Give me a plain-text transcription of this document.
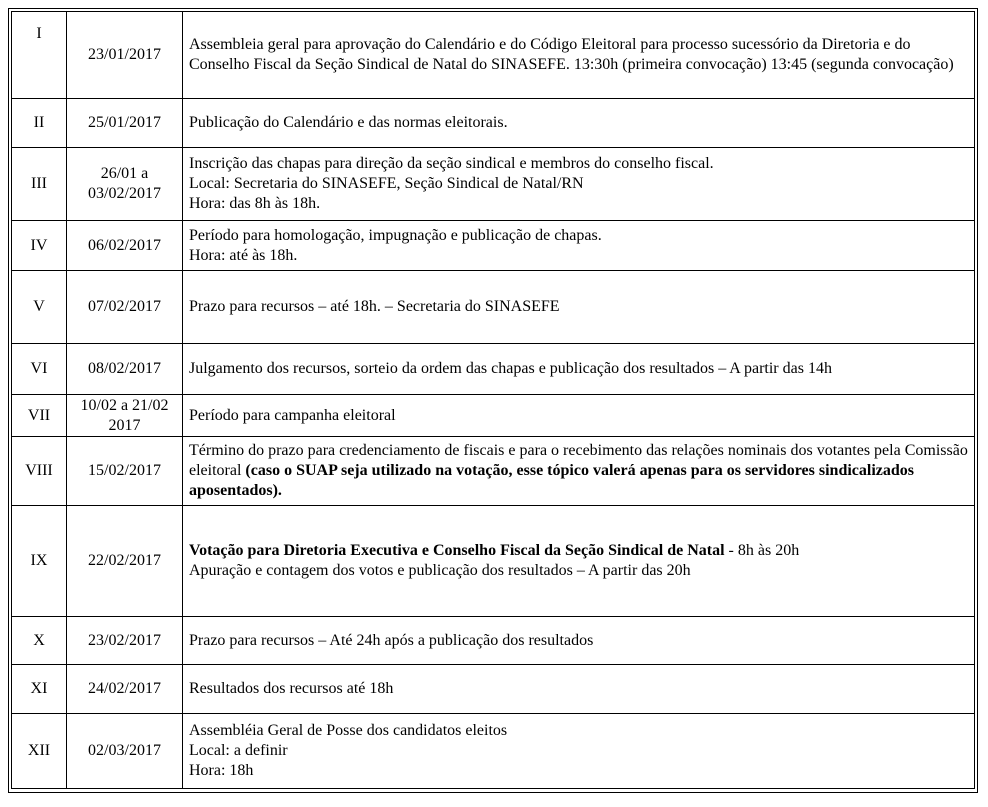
I	23/01/2017	Assembleia geral para aprovação do Calendário e do Código Eleitoral para processo sucessório da Diretoria e do Conselho Fiscal da Seção Sindical de Natal do SINASEFE. 13:30h (primeira convocação) 13:45 (segunda convocação)
II	25/01/2017	Publicação do Calendário e das normas eleitorais.
III	26/01 a 03/02/2017	Inscrição das chapas para direção da seção sindical e membros do conselho fiscal.
Local: Secretaria do SINASEFE, Seção Sindical de Natal/RN
Hora: das 8h às 18h.

IV	06/02/2017	Período para homologação, impugnação e publicação de chapas.
Hora: até às 18h.

V	07/02/2017	Prazo para recursos – até 18h. – Secretaria do SINASEFE
VI	08/02/2017	Julgamento dos recursos, sorteio da ordem das chapas e publicação dos resultados – A partir das 14h
VII	10/02 a 21/02 2017	Período para campanha eleitoral
VIII	15/02/2017	Término do prazo para credenciamento de fiscais e para o recebimento das relações nominais dos votantes pela Comissão eleitoral (caso o SUAP seja utilizado na votação, esse tópico valerá apenas para os servidores sindicalizados aposentados).
IX	22/02/2017	Votação para Diretoria Executiva e Conselho Fiscal da Seção Sindical de Natal - 8h às 20h
Apuração e contagem dos votos e publicação dos resultados – A partir das 20h

X	23/02/2017	Prazo para recursos – Até 24h após a publicação dos resultados
XI	24/02/2017	Resultados dos recursos até 18h
XII	02/03/2017	Assembléia Geral de Posse dos candidatos eleitos
Local: a definir
Hora: 18h
